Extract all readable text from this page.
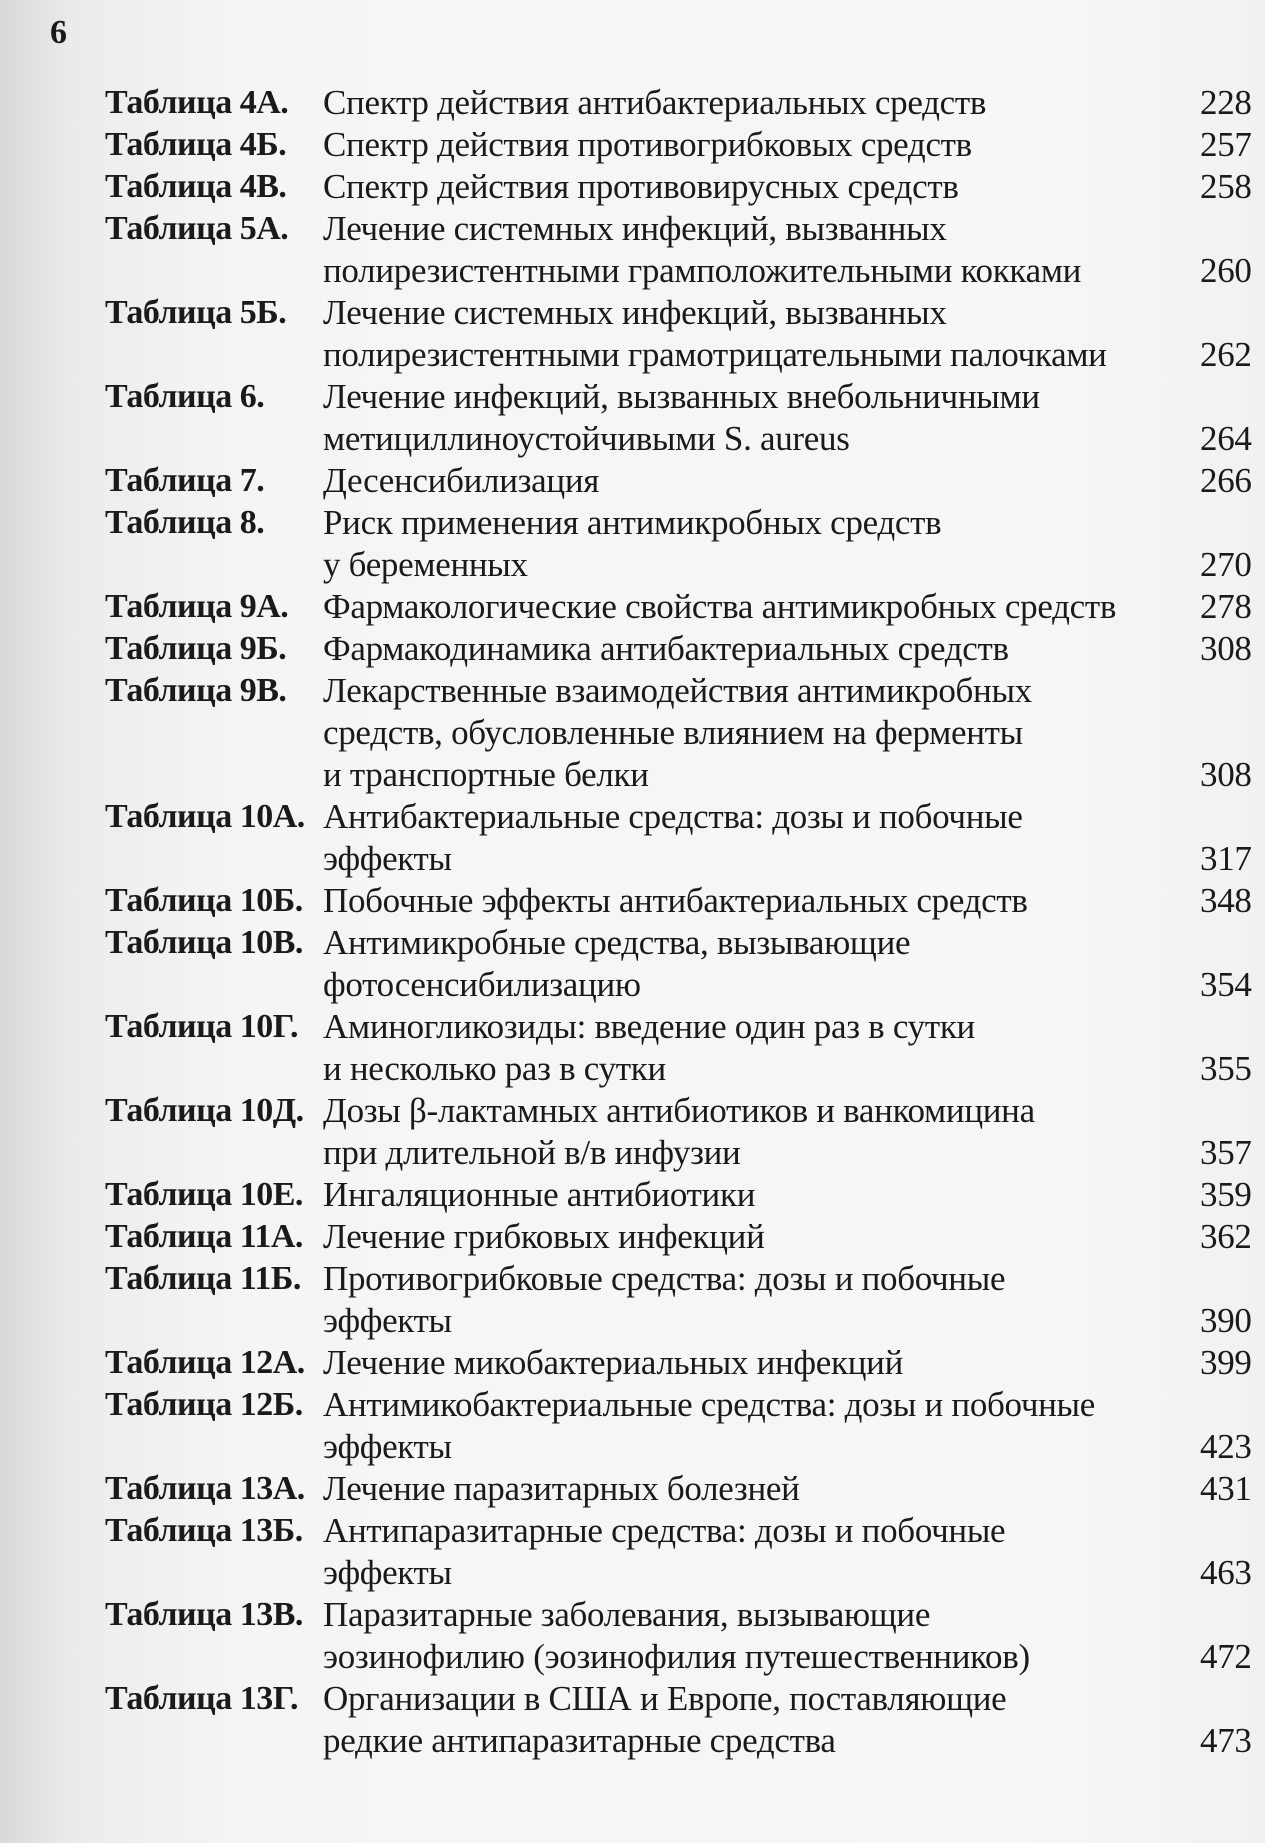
6
Таблица 4А. Спектр действия антибактериальных средств	228
Таблица 4Б.	Спектр действия противогрибковых средств	257
Таблица 4В.	Спектр действия противовирусных средств	258
Таблица 5А. Лечение системных инфекций, вызванных
полирезистентными грамположительными кокками	260
Таблица 5Б.	Лечение системных инфекций, вызванных
полирезистентными грамотрицательными палочками	262
Таблица 6.	Лечение инфекций, вызванных внебольничными
метициллиноустойчивыми S. aureus	264
Таблица 7.	Десенсибилизация	266
Таблица 8.	Риск применения антимикробных средств
у беременных	270
Таблица 9А. Фармакологические свойства антимикробных средств	278
Таблица 9Б.	Фармакодинамика антибактериальных средств	308
Таблица 9В.	Лекарственные взаимодействия антимикробных
средств, обусловленные влиянием на ферменты
и транспортные белки	308
Таблица 10А. Антибактериальные средства: дозы и побочные
эффекты	317
Таблица 10Б. Побочные эффекты антибактериальных средств	348
Таблица 10В. Антимикробные средства, вызывающие
фотосенсибилизацию	354
Таблица 10Г. Аминогликозиды: введение один раз в сутки
и несколько раз в сутки	355
Таблица 10Д. Дозы β-лактамных антибиотиков и ванкомицина
при длительной в/в инфузии	357
Таблица 10Е. Ингаляционные антибиотики	359
Таблица 11А. Лечение грибковых инфекций	362
Таблица 11Б. Противогрибковые средства: дозы и побочные
эффекты	390
Таблица 12А. Лечение микобактериальных инфекций	399
Таблица 12Б. Антимикобактериальные средства: дозы и побочные
эффекты	423
Таблица 13А. Лечение паразитарных болезней	431
Таблица 13Б. Антипаразитарные средства: дозы и побочные
эффекты	463
Таблица 13В. Паразитарные заболевания, вызывающие
эозинофилию (эозинофилия путешественников)	472
Таблица 13Г. Организации в США и Европе, поставляющие
редкие антипаразитарные средства	473
